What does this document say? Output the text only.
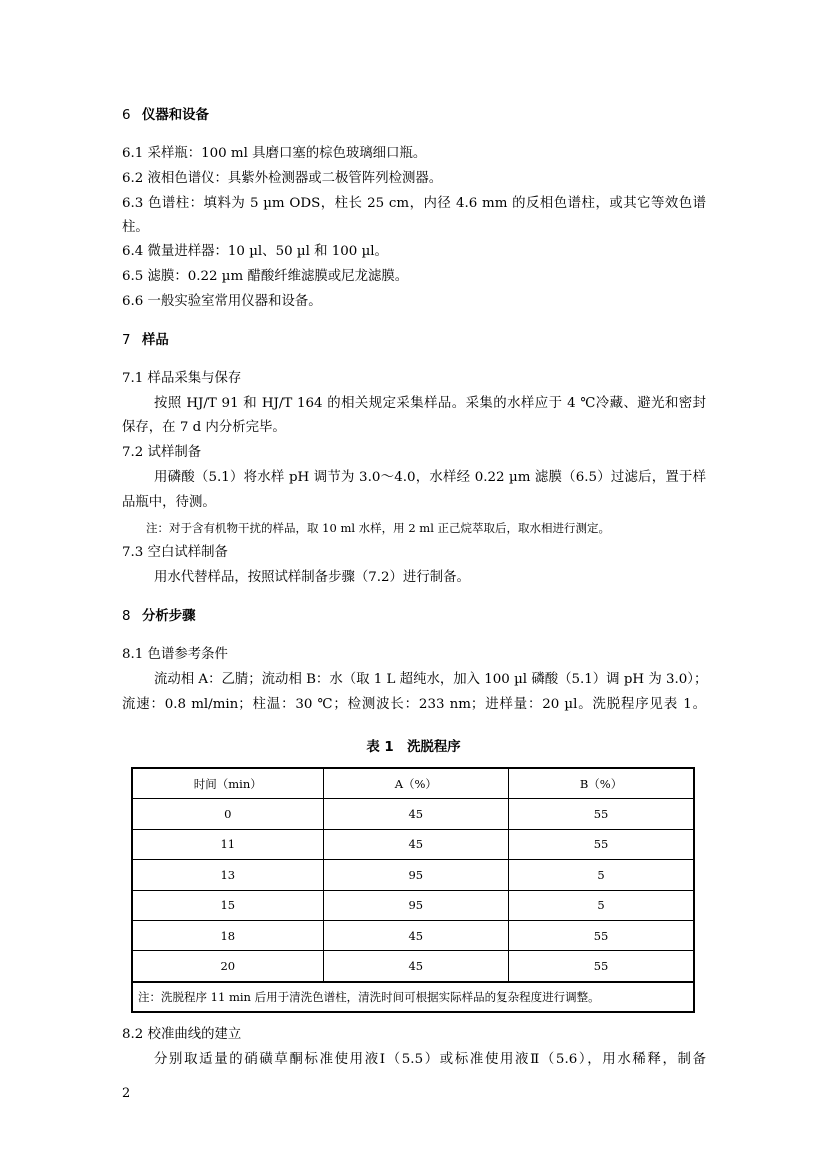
6 仪器和设备
6.1 采样瓶：100 ml 具磨口塞的棕色玻璃细口瓶。
6.2 液相色谱仪：具紫外检测器或二极管阵列检测器。
6.3 色谱柱：填料为 5 µm ODS，柱长 25 cm，内径 4.6 mm 的反相色谱柱，或其它等效色谱
柱。
6.4 微量进样器：10 µl、50 µl 和 100 µl。
6.5 滤膜：0.22 µm 醋酸纤维滤膜或尼龙滤膜。
6.6 一般实验室常用仪器和设备。
7 样品
7.1 样品采集与保存
按照 HJ/T 91 和 HJ/T 164 的相关规定采集样品。采集的水样应于 4 ℃冷藏、避光和密封
保存，在 7 d 内分析完毕。
7.2 试样制备
用磷酸（5.1）将水样 pH 调节为 3.0～4.0，水样经 0.22 µm 滤膜（6.5）过滤后，置于样
品瓶中，待测。
注：对于含有机物干扰的样品，取 10 ml 水样，用 2 ml 正己烷萃取后，取水相进行测定。
7.3 空白试样制备
用水代替样品，按照试样制备步骤（7.2）进行制备。
8 分析步骤
8.1 色谱参考条件
流动相 A：乙腈；流动相 B：水（取 1 L 超纯水，加入 100 µl 磷酸（5.1）调 pH 为 3.0）；
流速：0.8 ml/min；柱温：30 ℃；检测波长：233 nm；进样量：20 µl。洗脱程序见表 1。
表 1　洗脱程序
时间（min）	A（%）	B（%）
0	45	55
11	45	55
13	95	5
15	95	5
18	45	55
20	45	55
注：洗脱程序 11 min 后用于清洗色谱柱，清洗时间可根据实际样品的复杂程度进行调整。		
8.2 校准曲线的建立
分别取适量的硝磺草酮标准使用液Ⅰ（5.5）或标准使用液Ⅱ（5.6），用水稀释，制备
2
